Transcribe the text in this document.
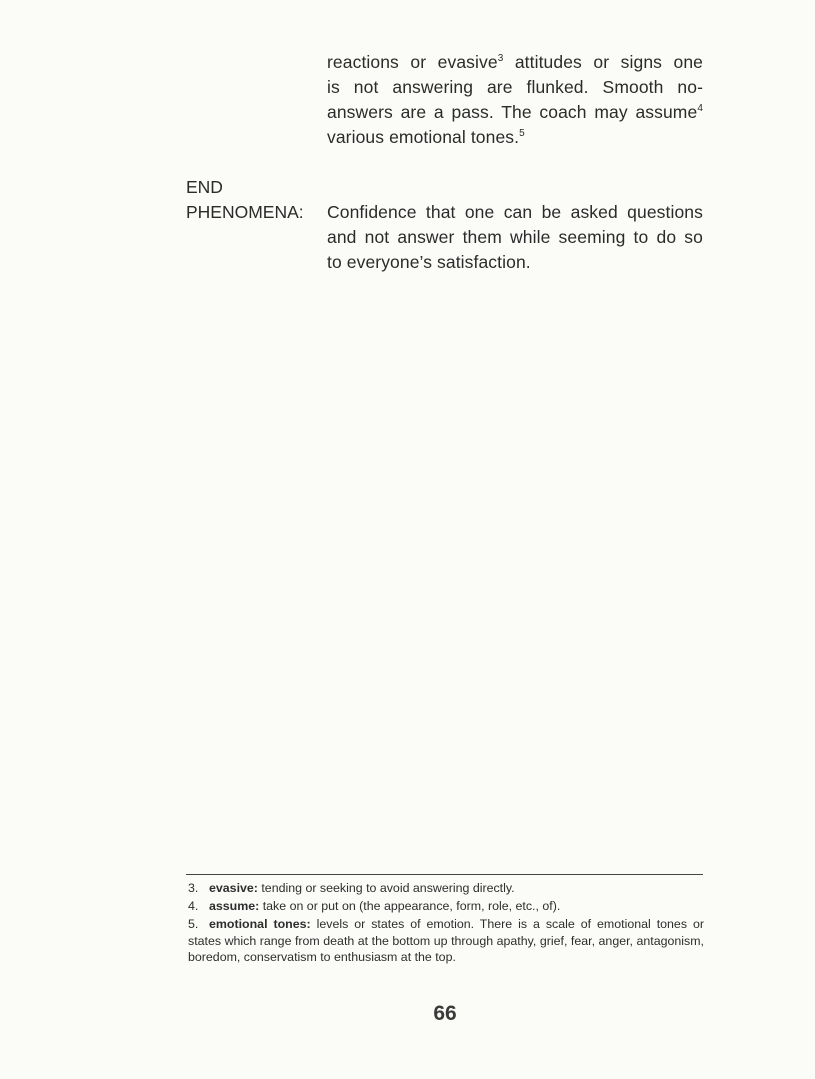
reactions or evasive$^3$ attitudes or signs one
is not answering are flunked. Smooth no-
answers are a pass. The coach may assume$^4$
various emotional tones.$^5$
END
PHENOMENA: Confidence that one can be asked questions
and not answer them while seeming to do so
to everyone’s satisfaction.

3. evasive: tending or seeking to avoid answering directly.

4. assume: take on or put on (the appearance, form, role, etc., of).

5. emotional tones: levels or states of emotion. There is a scale of emotional tones or states which range from death at the bottom up through apathy, grief, fear, anger, antagonism, boredom, conservatism to enthusiasm at the top.

66
